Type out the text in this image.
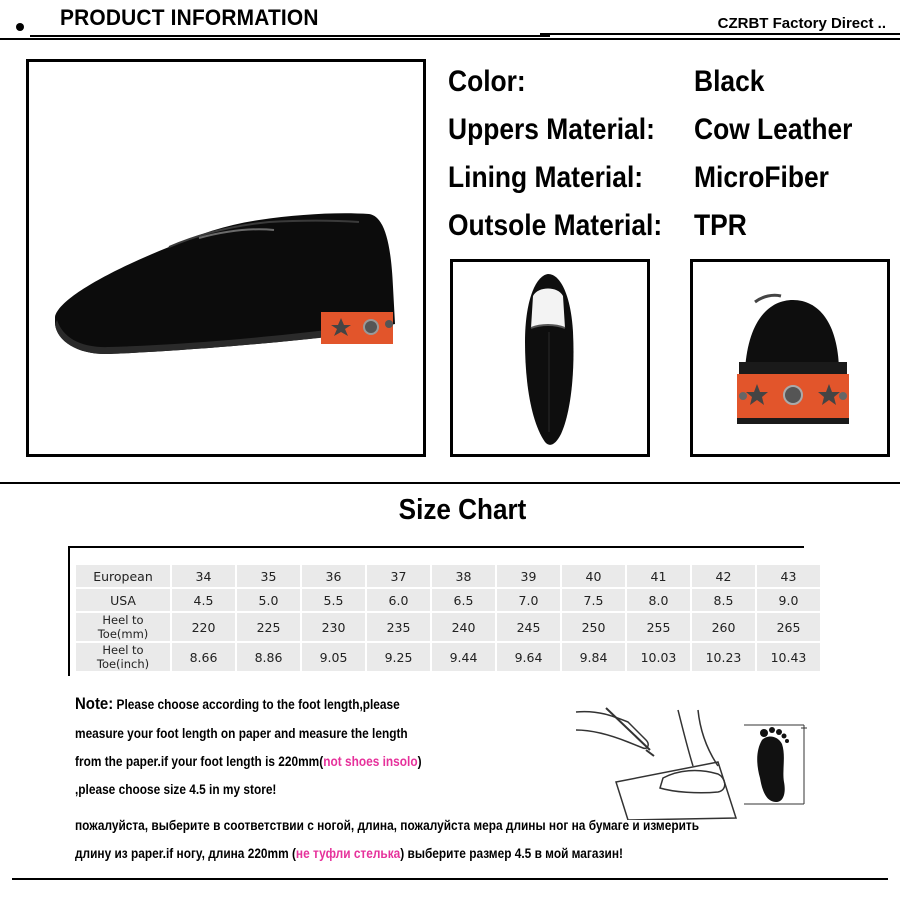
PRODUCT INFORMATION	CZRBT Factory Direct ..
Color:	Black
Uppers Material: Cow Leather
Lining Material: MicroFiber
Outsole Material: TPR
Size Chart
European	34	35	36	37	38	39	40	41	42	43
USA	4.5	5.0	5.5	6.0	6.5	7.0	7.5	8.0	8.5	9.0
Heel to Toe(mm)	220	225	230	235	240	245	250	255	260	265
Heel to Toe(inch)	8.66	8.86	9.05	9.25	9.44	9.64	9.84	10.03	10.23	10.43
Note: Please choose according to the foot length,please
measure your foot length on paper and measure the length
from the paper.if your foot length is 220mm(not shoes insolo)
,please choose size 4.5 in my store!
пожалуйста, выберите в соответствии с ногой, длина, пожалуйста мера длины ног на бумаге и измерить
длину из paper.if ногу, длина 220mm (не туфли стелька) выберите размер 4.5 в мой магазин!
